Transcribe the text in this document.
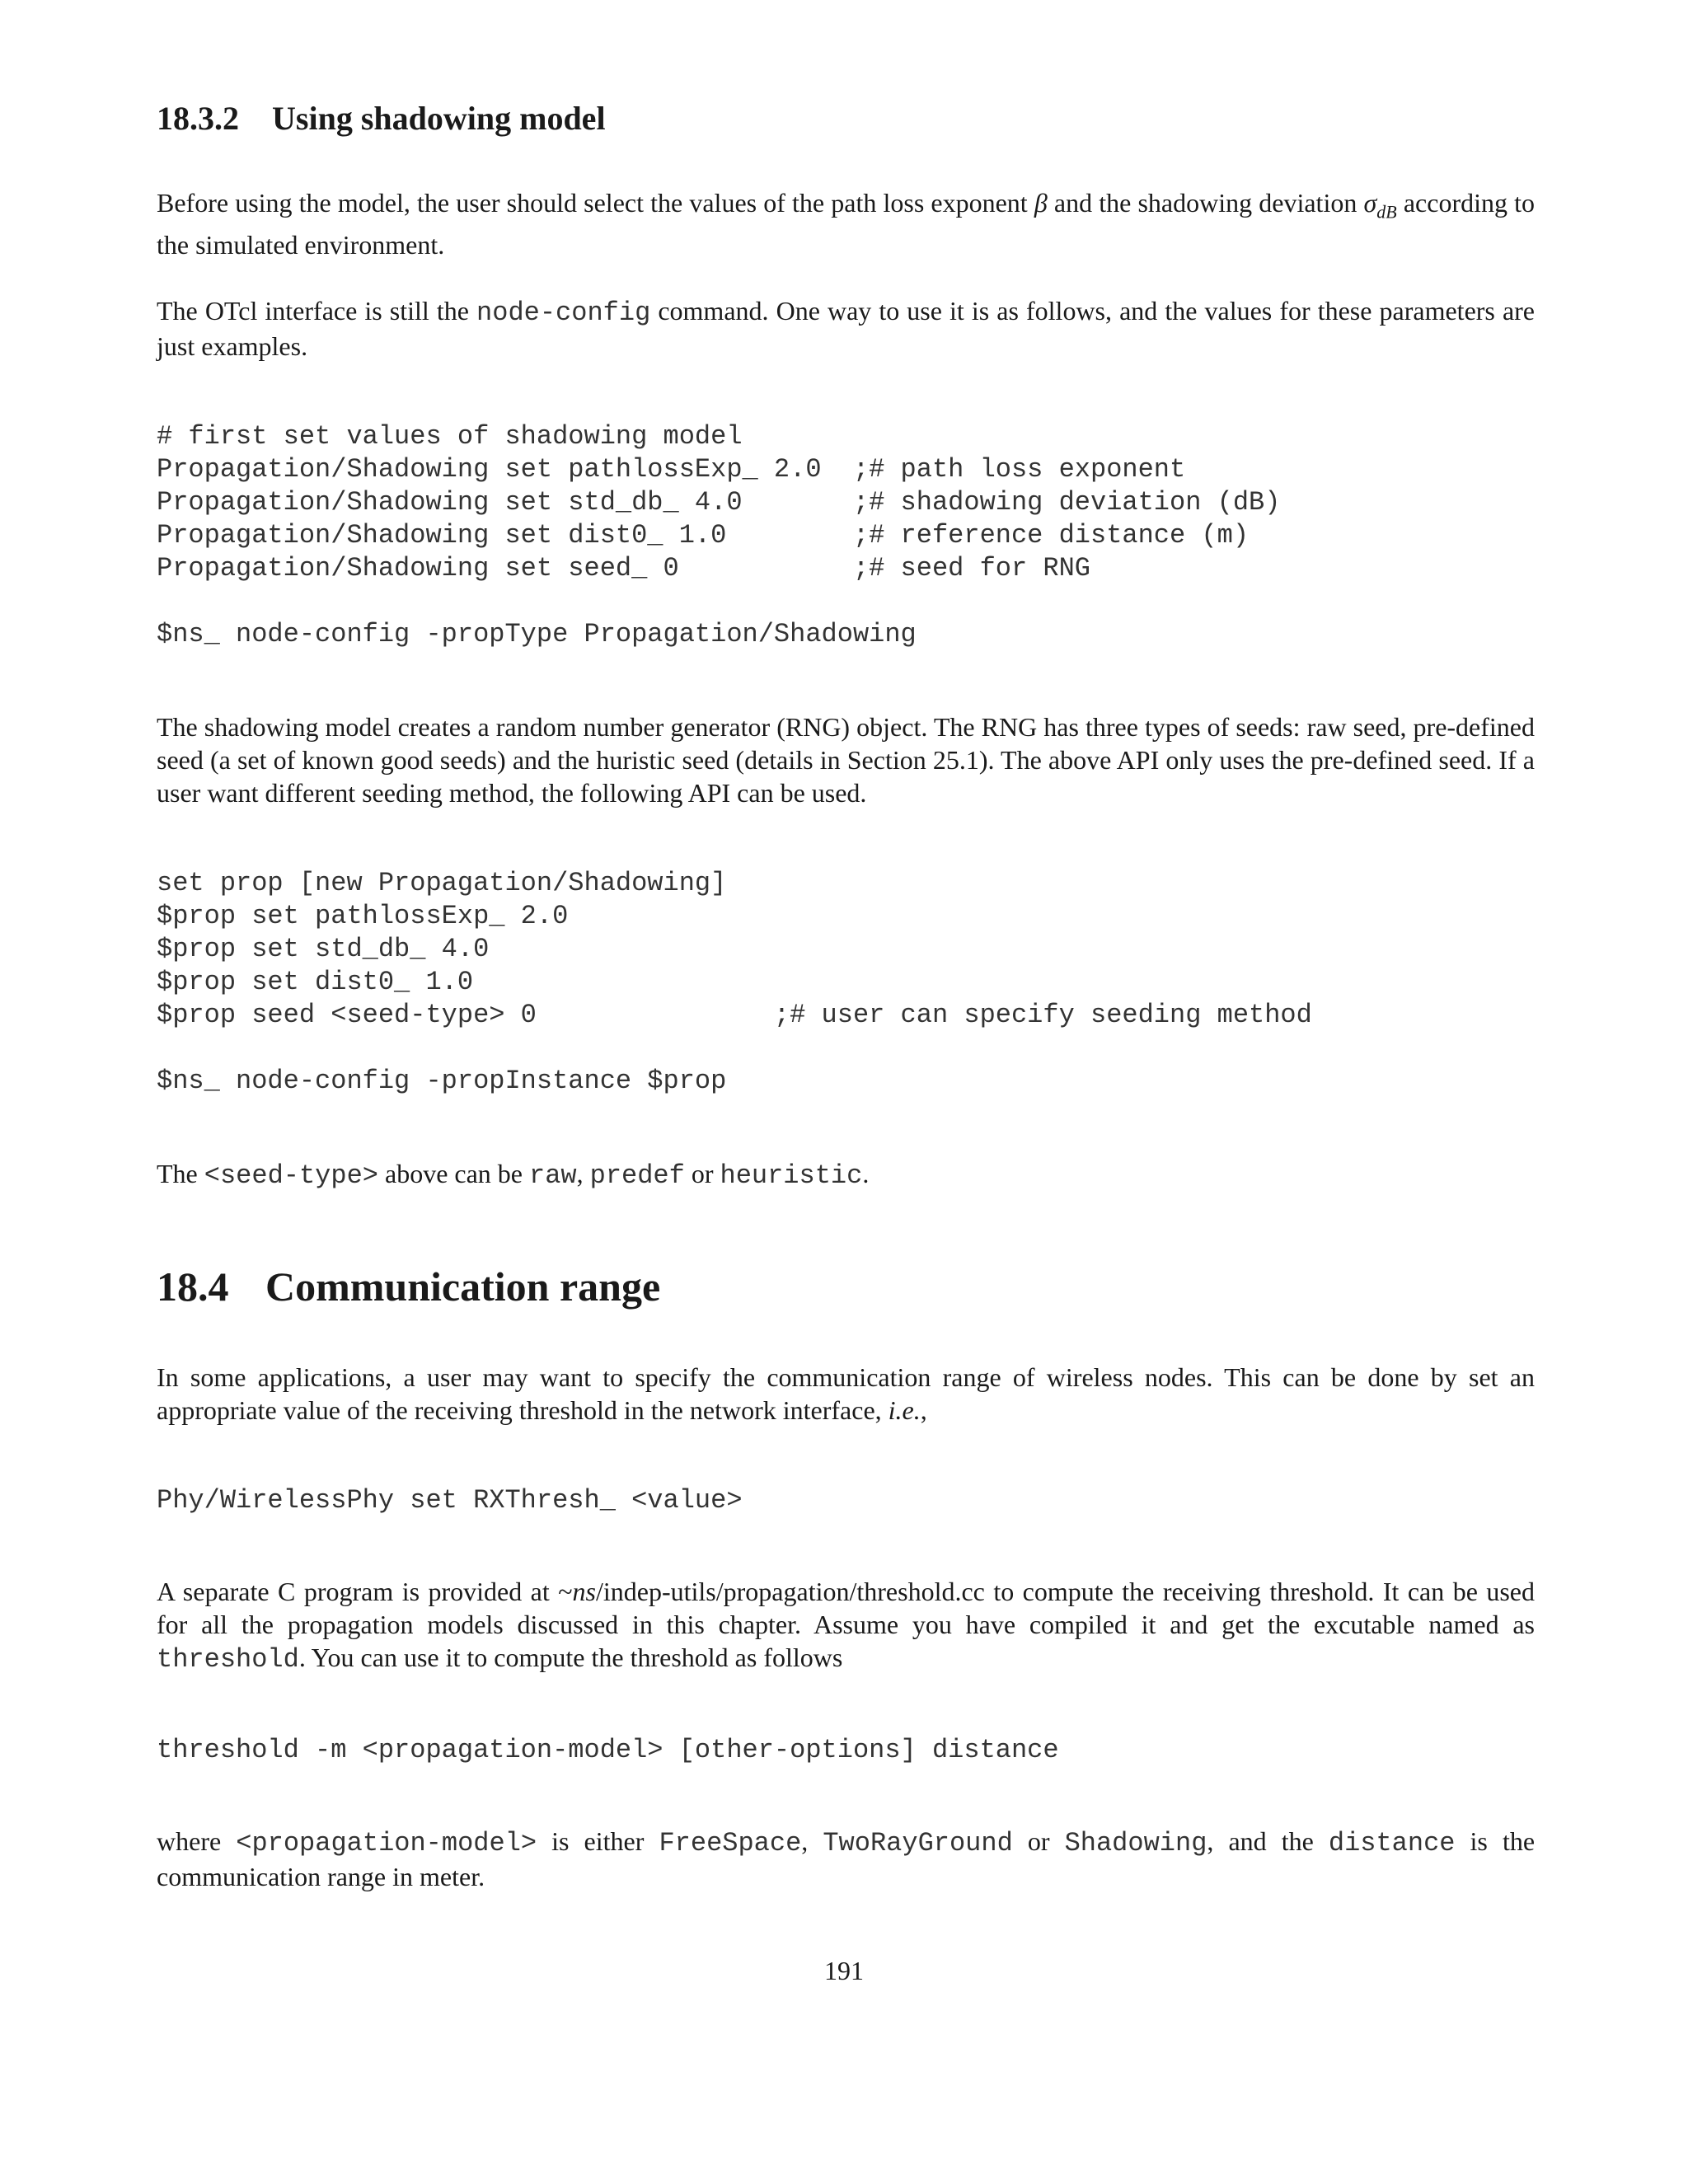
18.3.2 Using shadowing model

Before using the model, the user should select the values of the path loss exponent β and the shadowing deviation $\sigma_{dB}$ according to the simulated environment.

The OTcl interface is still the node-config command. One way to use it is as follows, and the values for these parameters are just examples.

# first set values of shadowing model
Propagation/Shadowing set pathlossExp_ 2.0  ;# path loss exponent
Propagation/Shadowing set std_db_ 4.0       ;# shadowing deviation (dB)
Propagation/Shadowing set dist0_ 1.0        ;# reference distance (m)
Propagation/Shadowing set seed_ 0           ;# seed for RNG
$ns_ node-config -propType Propagation/Shadowing

The shadowing model creates a random number generator (RNG) object. The RNG has three types of seeds: raw seed, pre-defined seed (a set of known good seeds) and the huristic seed (details in Section 25.1). The above API only uses the pre-defined seed. If a user want different seeding method, the following API can be used.

set prop [new Propagation/Shadowing]
$prop set pathlossExp_ 2.0
$prop set std_db_ 4.0
$prop set dist0_ 1.0
$prop seed <seed-type> 0               ;# user can specify seeding method
$ns_ node-config -propInstance $prop

The <seed-type> above can be raw, predef or heuristic.

18.4 Communication range

In some applications, a user may want to specify the communication range of wireless nodes. This can be done by set an appropriate value of the receiving threshold in the network interface, i.e.,

Phy/WirelessPhy set RXThresh_ <value>

A separate C program is provided at ~ns/indep-utils/propagation/threshold.cc to compute the receiving threshold. It can be used for all the propagation models discussed in this chapter. Assume you have compiled it and get the excutable named as threshold. You can use it to compute the threshold as follows

threshold -m <propagation-model> [other-options] distance

where <propagation-model> is either FreeSpace, TwoRayGround or Shadowing, and the distance is the communication range in meter.

191
